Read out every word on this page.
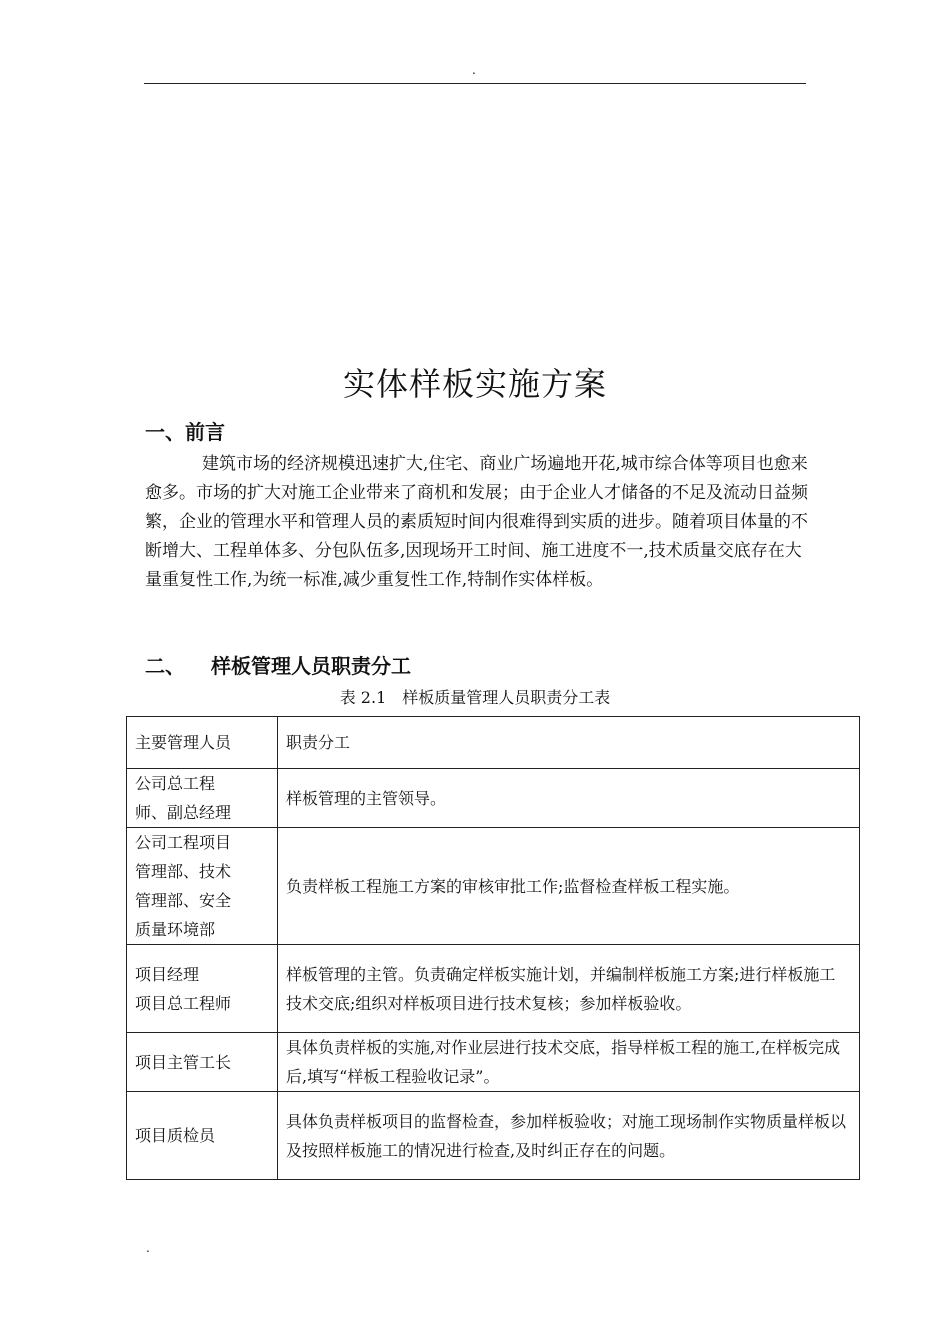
.
实体样板实施方案
一、前言

建筑市场的经济规模迅速扩大,住宅、商业广场遍地开花,城市综合体等项目也愈来愈多。市场的扩大对施工企业带来了商机和发展；由于企业人才储备的不足及流动日益频繁，企业的管理水平和管理人员的素质短时间内很难得到实质的进步。随着项目体量的不断增大、工程单体多、分包队伍多,因现场开工时间、施工进度不一,技术质量交底存在大量重复性工作,为统一标准,减少重复性工作,特制作实体样板。

二、 样板管理人员职责分工
表 2.1　样板质量管理人员职责分工表
主要管理人员	职责分工

公司总工程
师、副总经理	样板管理的主管领导。

公司工程项目
管理部、技术
管理部、安全
质量环境部	负责样板工程施工方案的审核审批工作;监督检查样板工程实施。

项目经理
项目总工程师	样板管理的主管。负责确定样板实施计划，并编制样板施工方案;进行样板施工技术交底;组织对样板项目进行技术复核；参加样板验收。

项目主管工长	具体负责样板的实施,对作业层进行技术交底，指导样板工程的施工,在样板完成后,填写“样板工程验收记录”。

项目质检员	具体负责样板项目的监督检查，参加样板验收；对施工现场制作实物质量样板以及按照样板施工的情况进行检查,及时纠正存在的问题。
.
